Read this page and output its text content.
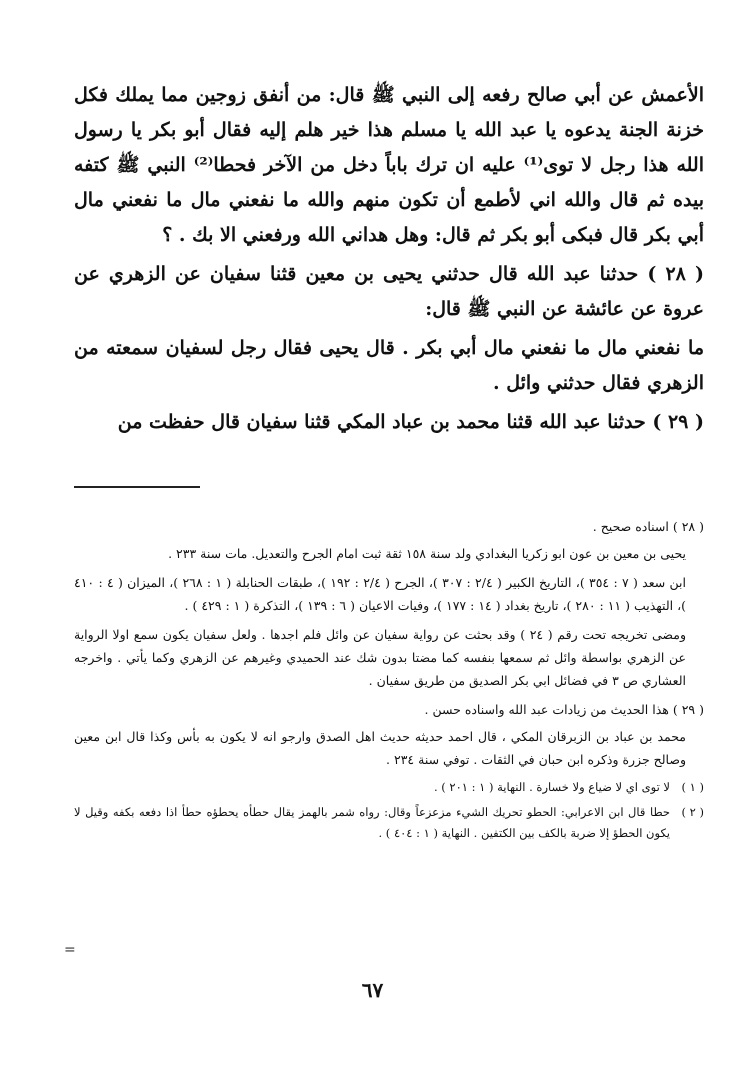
الأعمش عن أبي صالح رفعه إلى النبي ﷺ قال: من أنفق زوجين مما يملك فكل خزنة الجنة يدعوه يا عبد الله يا مسلم هذا خير هلم إليه فقال أبو بكر يا رسول الله هذا رجل لا توى⁽¹⁾ عليه ان ترك باباً دخل من الآخر فحطا⁽²⁾ النبي ﷺ كتفه بيده ثم قال والله اني لأطمع أن تكون منهم والله ما نفعني مال ما نفعني مال أبي بكر قال فبكى أبو بكر ثم قال: وهل هداني الله ورفعني الا بك . ؟

( ٢٨ ) حدثنا عبد الله قال حدثني يحيى بن معين قثنا سفيان عن الزهري عن عروة عن عائشة عن النبي ﷺ قال:

ما نفعني مال ما نفعني مال أبي بكر . قال يحيى فقال رجل لسفيان سمعته من الزهري فقال حدثني وائل .

( ٢٩ ) حدثنا عبد الله قثنا محمد بن عباد المكي قثنا سفيان قال حفظت من

( ٢٨ ) اسناده صحيح .

يحيى بن معين بن عون ابو زكريا البغدادي ولد سنة ١٥٨ ثقة ثبت امام الجرح والتعديل. مات سنة ٢٣٣ .

ابن سعد ( ٧ : ٣٥٤ )، التاريخ الكبير ( ٢/٤ : ٣٠٧ )، الجرح ( ٢/٤ : ١٩٢ )، طبقات الحنابلة ( ١ : ٢٦٨ )، الميزان ( ٤ : ٤١٠ )، التهذيب ( ١١ : ٢٨٠ )، تاريخ بغداد ( ١٤ : ١٧٧ )، وفيات الاعيان ( ٦ : ١٣٩ )، التذكرة ( ١ : ٤٢٩ ) .

ومضى تخريجه تحت رقم ( ٢٤ ) وقد بحثت عن رواية سفيان عن وائل فلم اجدها . ولعل سفيان يكون سمع اولا الرواية عن الزهري بواسطة وائل ثم سمعها بنفسه كما مضتا بدون شك عند الحميدي وغيرهم عن الزهري وكما يأتي . واخرجه العشاري ص ٣ في فضائل ابي بكر الصديق من طريق سفيان .

( ٢٩ ) هذا الحديث من زيادات عبد الله واسناده حسن .

محمد بن عباد بن الزبرقان المكي ، قال احمد حديثه حديث اهل الصدق وارجو انه لا يكون به بأس وكذا قال ابن معين وصالح جزرة وذكره ابن حبان في الثقات . توفي سنة ٢٣٤ .

( ١ )
لا توى اي لا ضياع ولا خسارة . النهاية ( ١ : ٢٠١ ) .
( ٢ )
حطا قال ابن الاعرابي: الحطو تحريك الشيء مزعزعاً وقال: رواه شمر بالهمز يقال حطأه يحطؤه حطأ اذا دفعه بكفه وقيل لا يكون الحطؤ إلا ضربة بالكف بين الكتفين . النهاية ( ١ : ٤٠٤ ) .
=
٦٧
